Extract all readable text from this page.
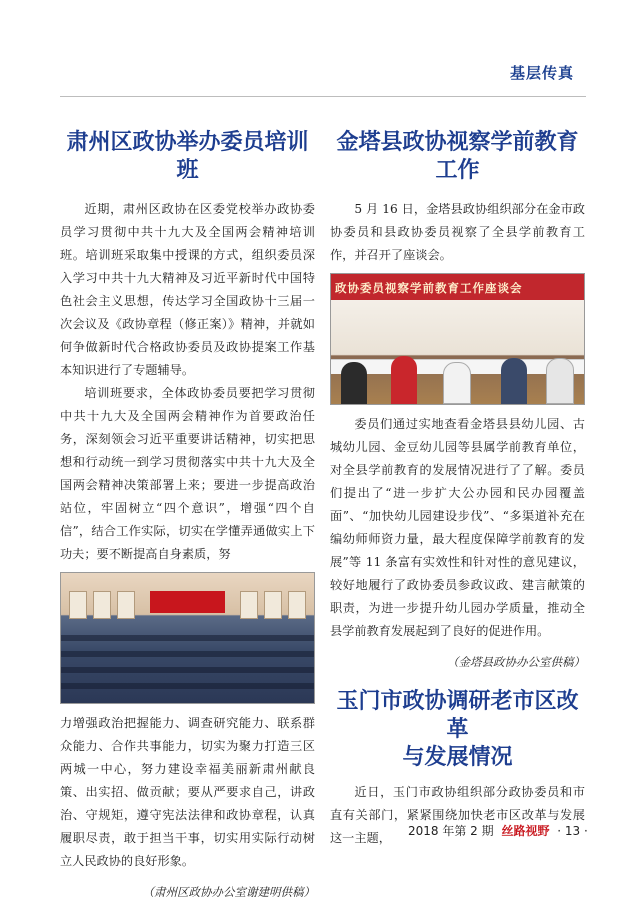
基层传真
肃州区政协举办委员培训班

近期，肃州区政协在区委党校举办政协委员学习贯彻中共十九大及全国两会精神培训班。培训班采取集中授课的方式，组织委员深入学习中共十九大精神及习近平新时代中国特色社会主义思想，传达学习全国政协十三届一次会议及《政协章程（修正案）》精神，并就如何争做新时代合格政协委员及政协提案工作基本知识进行了专题辅导。

培训班要求，全体政协委员要把学习贯彻中共十九大及全国两会精神作为首要政治任务，深刻领会习近平重要讲话精神，切实把思想和行动统一到学习贯彻落实中共十九大及全国两会精神决策部署上来；要进一步提高政治站位，牢固树立“四个意识”，增强“四个自信”，结合工作实际，切实在学懂弄通做实上下功夫；要不断提高自身素质，努

力增强政治把握能力、调查研究能力、联系群众能力、合作共事能力，切实为聚力打造三区两城一中心，努力建设幸福美丽新肃州献良策、出实招、做贡献；要从严要求自己，讲政治、守规矩，遵守宪法法律和政协章程，认真履职尽责，敢于担当干事，切实用实际行动树立人民政协的良好形象。

（肃州区政协办公室谢建明供稿）

金塔县政协视察学前教育工作

5 月 16 日，金塔县政协组织部分在金市政协委员和县政协委员视察了全县学前教育工作，并召开了座谈会。

政协委员视察学前教育工作座谈会

委员们通过实地查看金塔县县幼儿园、古城幼儿园、金豆幼儿园等县属学前教育单位，对全县学前教育的发展情况进行了了解。委员们提出了“进一步扩大公办园和民办园覆盖面”、“加快幼儿园建设步伐”、“多渠道补充在编幼师师资力量，最大程度保障学前教育的发展”等 11 条富有实效性和针对性的意见建议，较好地履行了政协委员参政议政、建言献策的职责，为进一步提升幼儿园办学质量，推动全县学前教育发展起到了良好的促进作用。

（金塔县政协办公室供稿）

玉门市政协调研老市区改革
与发展情况

近日，玉门市政协组织部分政协委员和市直有关部门，紧紧围绕加快老市区改革与发展这一主题，	2018 年第 2 期 丝路视野 · 13 ·
